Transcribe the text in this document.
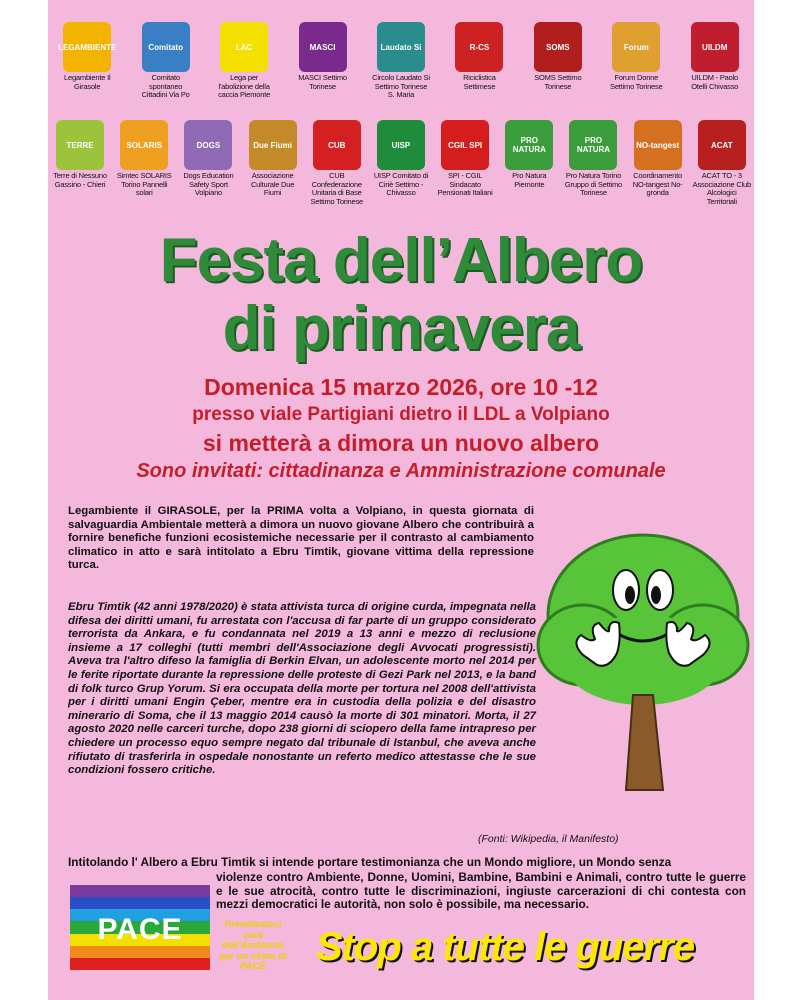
LEGAMBIENTE
Legambiente Il Girasole
Comitato
Comitato spontaneo Cittadini Via Po
LAC
Lega per l'abolizione della caccia Piemonte
MASCI
MASCI Settimo Torinese
Laudato Si
Circolo Laudato Si Settimo Torinese S. Maria
R-CS
Riciclistica Settimese
SOMS
SOMS Settimo Torinese
Forum
Forum Donne Settimo Torinese
UILDM
UILDM - Paolo Otelli Chivasso
TERRE
Terre di Nessuno Gassino - Chieri
SOLARIS
Simtec SOLARIS Torino Pannelli solari
DOGS
Dogs Education Safety Sport Volpiano
Due Fiumi
Associazione Culturale Due Fiumi
CUB
CUB Confederazione Unitaria di Base Settimo Torinese
UISP
UISP Comitato di Ciriè Settimo - Chivasso
CGIL SPI
SPI - CGIL Sindacato Pensionati Italiani
PRO NATURA
Pro Natura Piemonte
PRO NATURA
Pro Natura Torino Gruppo di Settimo Torinese
NO-tangest
Coordinamento NO-tangest No-gronda
ACAT
ACAT TO - 3 Associazione Club Alcologici Territoriali
Festa dell’Albero
di primavera
Domenica 15 marzo 2026, ore 10 -12
presso viale Partigiani dietro il LDL a Volpiano
si metterà a dimora un nuovo albero
Sono invitati: cittadinanza e Amministrazione comunale
Legambiente il GIRASOLE, per la PRIMA volta a Volpiano, in questa giornata di salvaguardia Ambientale metterà a dimora un nuovo giovane Albero che contribuirà a fornire benefiche funzioni ecosistemiche necessarie per il contrasto al cambiamento climatico in atto e sarà intitolato a Ebru Timtik, giovane vittima della repressione turca.
Ebru Timtik (42 anni 1978/2020) è stata attivista turca di origine curda, impegnata nella difesa dei diritti umani, fu arrestata con l'accusa di far parte di un gruppo considerato terrorista da Ankara, e fu condannata nel 2019 a 13 anni e mezzo di reclusione insieme a 17 colleghi (tutti membri dell'Associazione degli Avvocati progressisti). Aveva tra l'altro difeso la famiglia di Berkin Elvan, un adolescente morto nel 2014 per le ferite riportate durante la repressione delle proteste di Gezi Park nel 2013, e la band di folk turco Grup Yorum. Si era occupata della morte per tortura nel 2008 dell'attivista per i diritti umani Engin Çeber, mentre era in custodia della polizia e del disastro minerario di Soma, che il 13 maggio 2014 causò la morte di 301 minatori. Morta, il 27 agosto 2020 nelle carceri turche, dopo 238 giorni di sciopero della fame intrapreso per chiedere un processo equo sempre negato dal tribunale di Istanbul, che aveva anche rifiutato di trasferirla in ospedale nonostante un referto medico attestasse che le sue condizioni fossero critiche.
(Fonti: Wikipedia, il Manifesto)
Intitolando l' Albero a Ebru Timtik si intende portare testimonianza che un Mondo migliore, un Mondo senza
violenze contro Ambiente, Donne, Uomini, Bambine, Bambini e Animali, contro tutte le guerre e le sue atrocità, contro tutte le discriminazioni, ingiuste carcerazioni di chi contesta con mezzi democratici le autorità, non solo è possibile, ma necessario.
PACE	Prendiamoci cura dell'Ambiente per un clima di PACE	Stop a tutte le guerre
